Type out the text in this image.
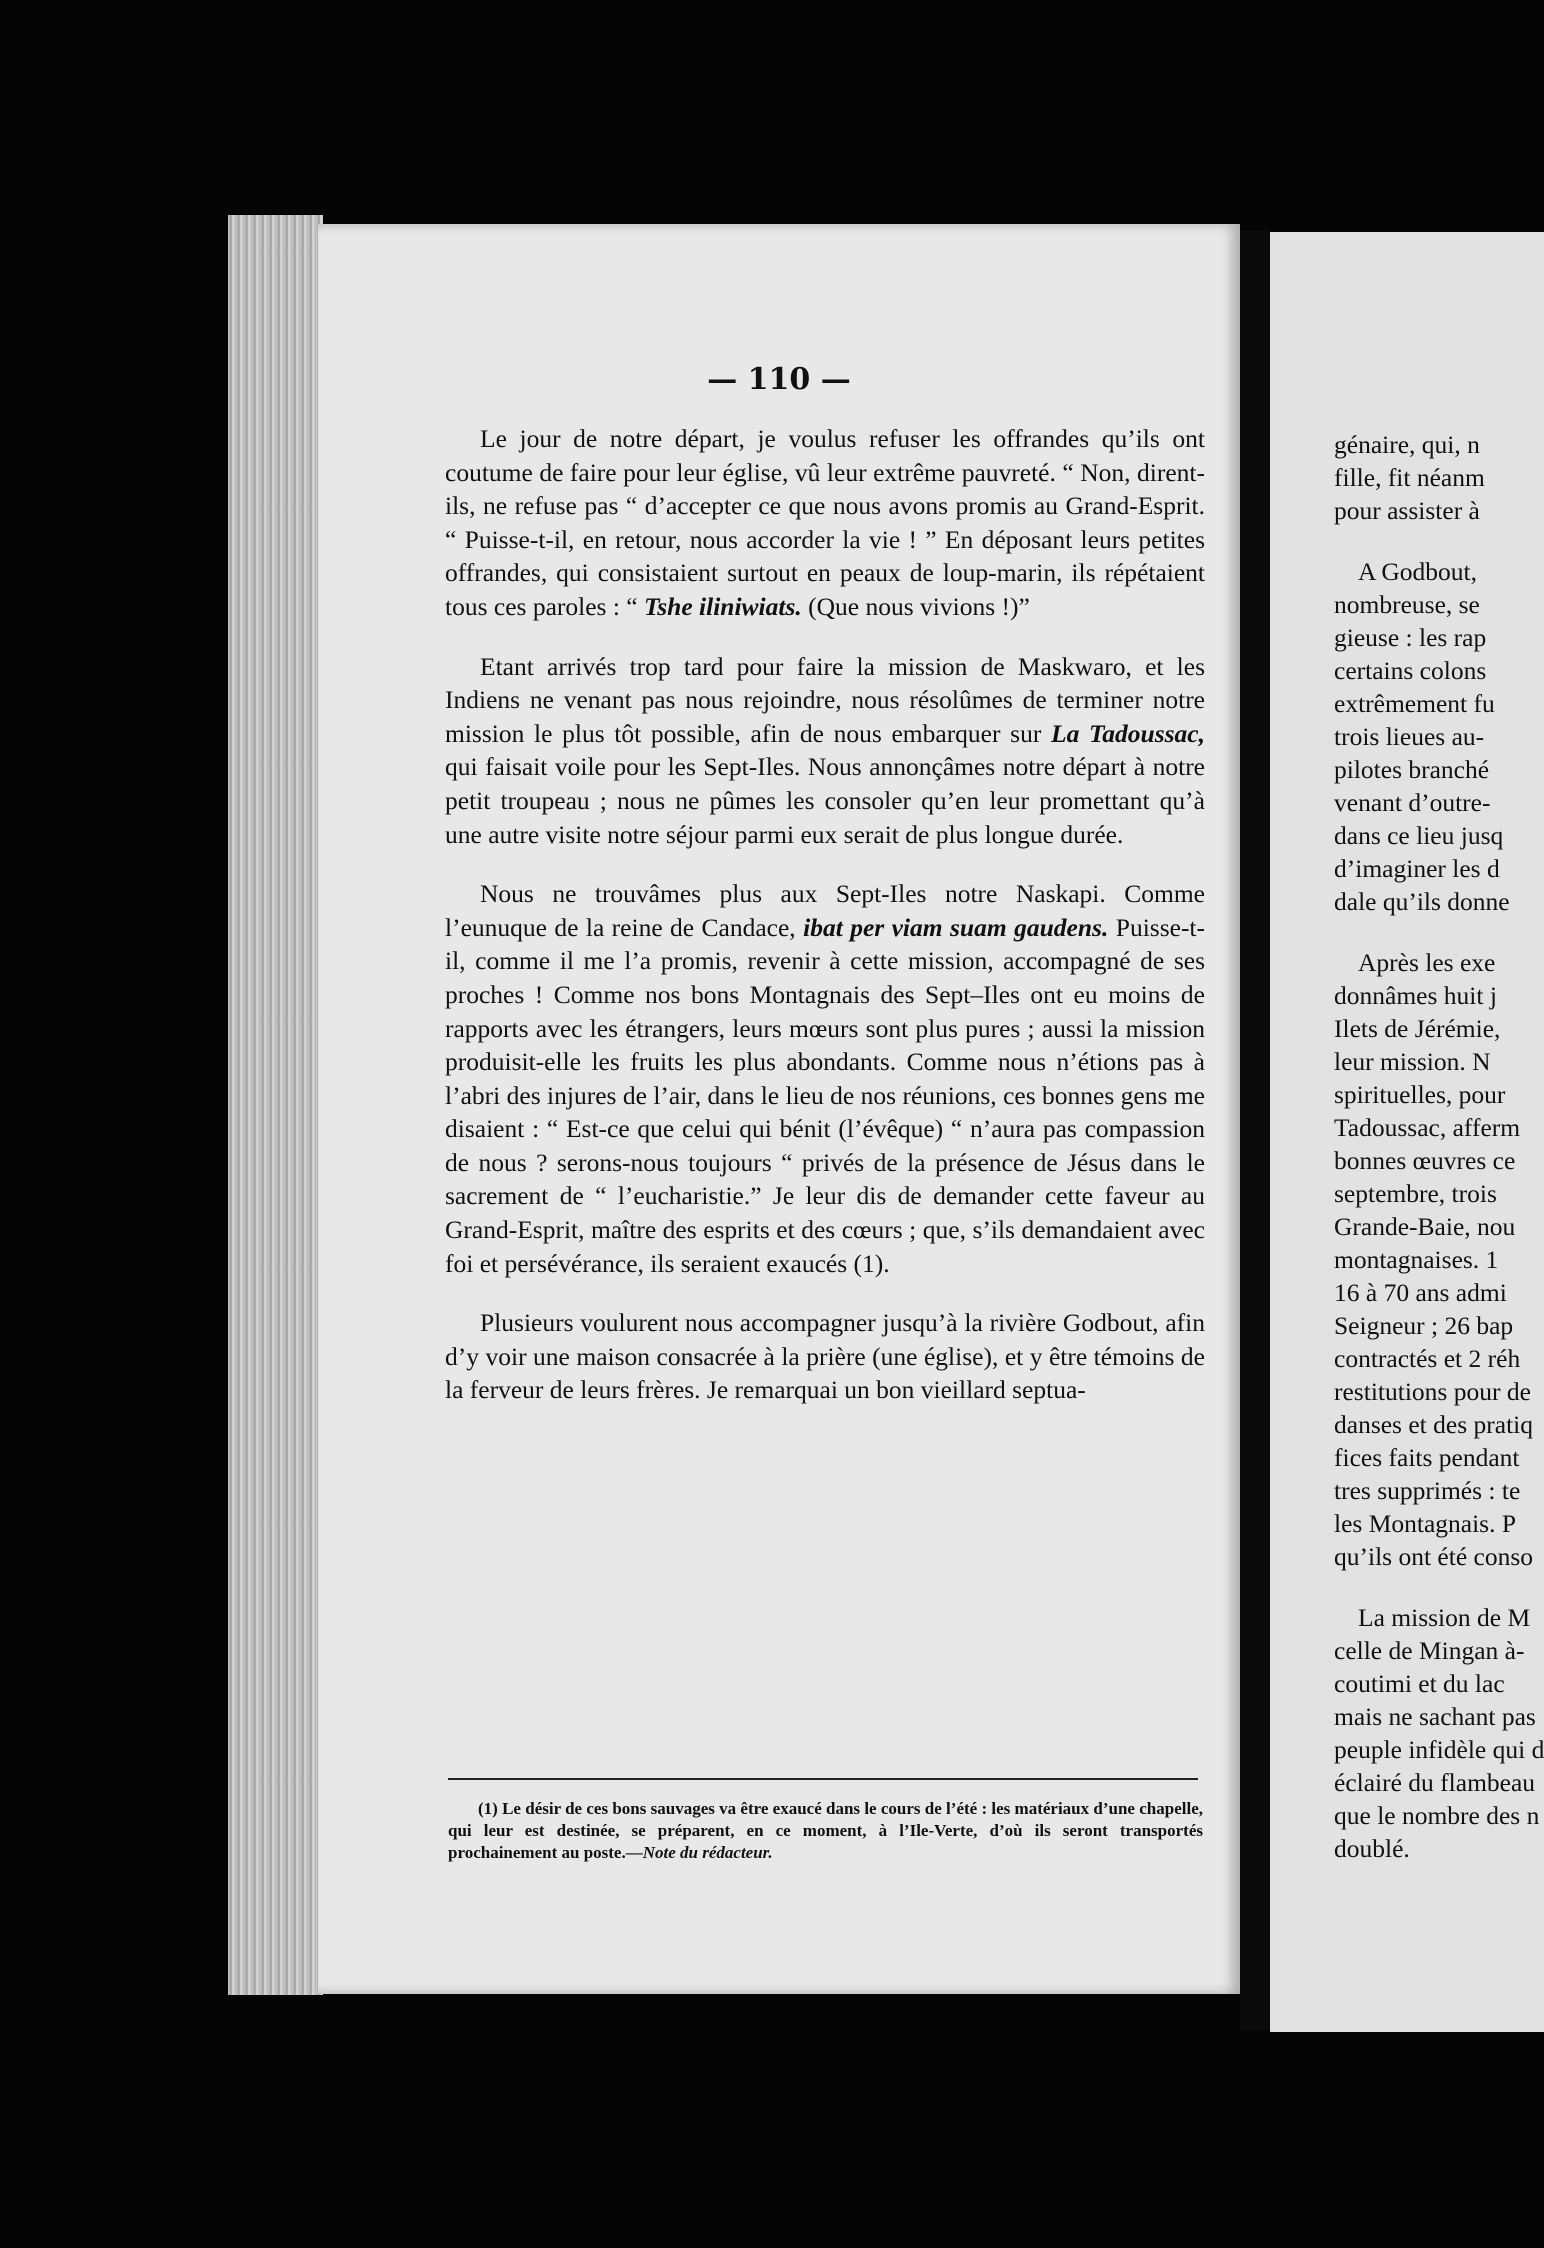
— 110 —

Le jour de notre départ, je voulus refuser les offrandes qu’ils ont coutume de faire pour leur église, vû leur extrême pauvreté. “ Non, dirent-ils, ne refuse pas “ d’accepter ce que nous avons promis au Grand-Esprit. “ Puisse-t-il, en retour, nous accorder la vie ! ” En déposant leurs petites offrandes, qui consistaient surtout en peaux de loup-marin, ils répétaient tous ces paroles : “ Tshe iliniwiats. (Que nous vivions !)”

Etant arrivés trop tard pour faire la mission de Maskwaro, et les Indiens ne venant pas nous rejoindre, nous résolûmes de terminer notre mission le plus tôt possible, afin de nous embarquer sur La Tadoussac, qui faisait voile pour les Sept-Iles. Nous annonçâmes notre départ à notre petit troupeau ; nous ne pûmes les consoler qu’en leur promettant qu’à une autre visite notre séjour parmi eux serait de plus longue durée.

Nous ne trouvâmes plus aux Sept-Iles notre Naskapi. Comme l’eunuque de la reine de Candace, ibat per viam suam gaudens. Puisse-t-il, comme il me l’a promis, revenir à cette mission, accompagné de ses proches ! Comme nos bons Montagnais des Sept–Iles ont eu moins de rapports avec les étrangers, leurs mœurs sont plus pures ; aussi la mission produisit-elle les fruits les plus abondants. Comme nous n’étions pas à l’abri des injures de l’air, dans le lieu de nos réunions, ces bonnes gens me disaient : “ Est-ce que celui qui bénit (l’évêque) “ n’aura pas compassion de nous ? serons-nous toujours “ privés de la présence de Jésus dans le sacrement de “ l’eucharistie.” Je leur dis de demander cette faveur au Grand-Esprit, maître des esprits et des cœurs ; que, s’ils demandaient avec foi et persévérance, ils seraient exaucés (1).

Plusieurs voulurent nous accompagner jusqu’à la rivière Godbout, afin d’y voir une maison consacrée à la prière (une église), et y être témoins de la ferveur de leurs frères. Je remarquai un bon vieillard septua-

(1) Le désir de ces bons sauvages va être exaucé dans le cours de l’été : les matériaux d’une chapelle, qui leur est destinée, se préparent, en ce moment, à l’Ile-Verte, d’où ils seront transportés prochainement au poste.—Note du rédacteur.
génaire, qui, n
fille, fit néanm
pour assister à
A Godbout,
nombreuse, se
gieuse : les rap
certains colons
extrêmement fu
trois lieues au-
pilotes branché
venant d’outre-
dans ce lieu jusq
d’imaginer les d
dale qu’ils donne
Après les exe
donnâmes huit j
Ilets de Jérémie,
leur mission. N
spirituelles, pour
Tadoussac, afferm
bonnes œuvres ce
septembre, trois
Grande-Baie, nou
montagnaises. 1
16 à 70 ans admi
Seigneur ; 26 bap
contractés et 2 réh
restitutions pour de
danses et des pratiq
fices faits pendant
tres supprimés : te
les Montagnais. P
qu’ils ont été conso
La mission de M
celle de Mingan à-
coutimi et du lac
mais ne sachant pas
peuple infidèle qui d
éclairé du flambeau
que le nombre des n
doublé.
